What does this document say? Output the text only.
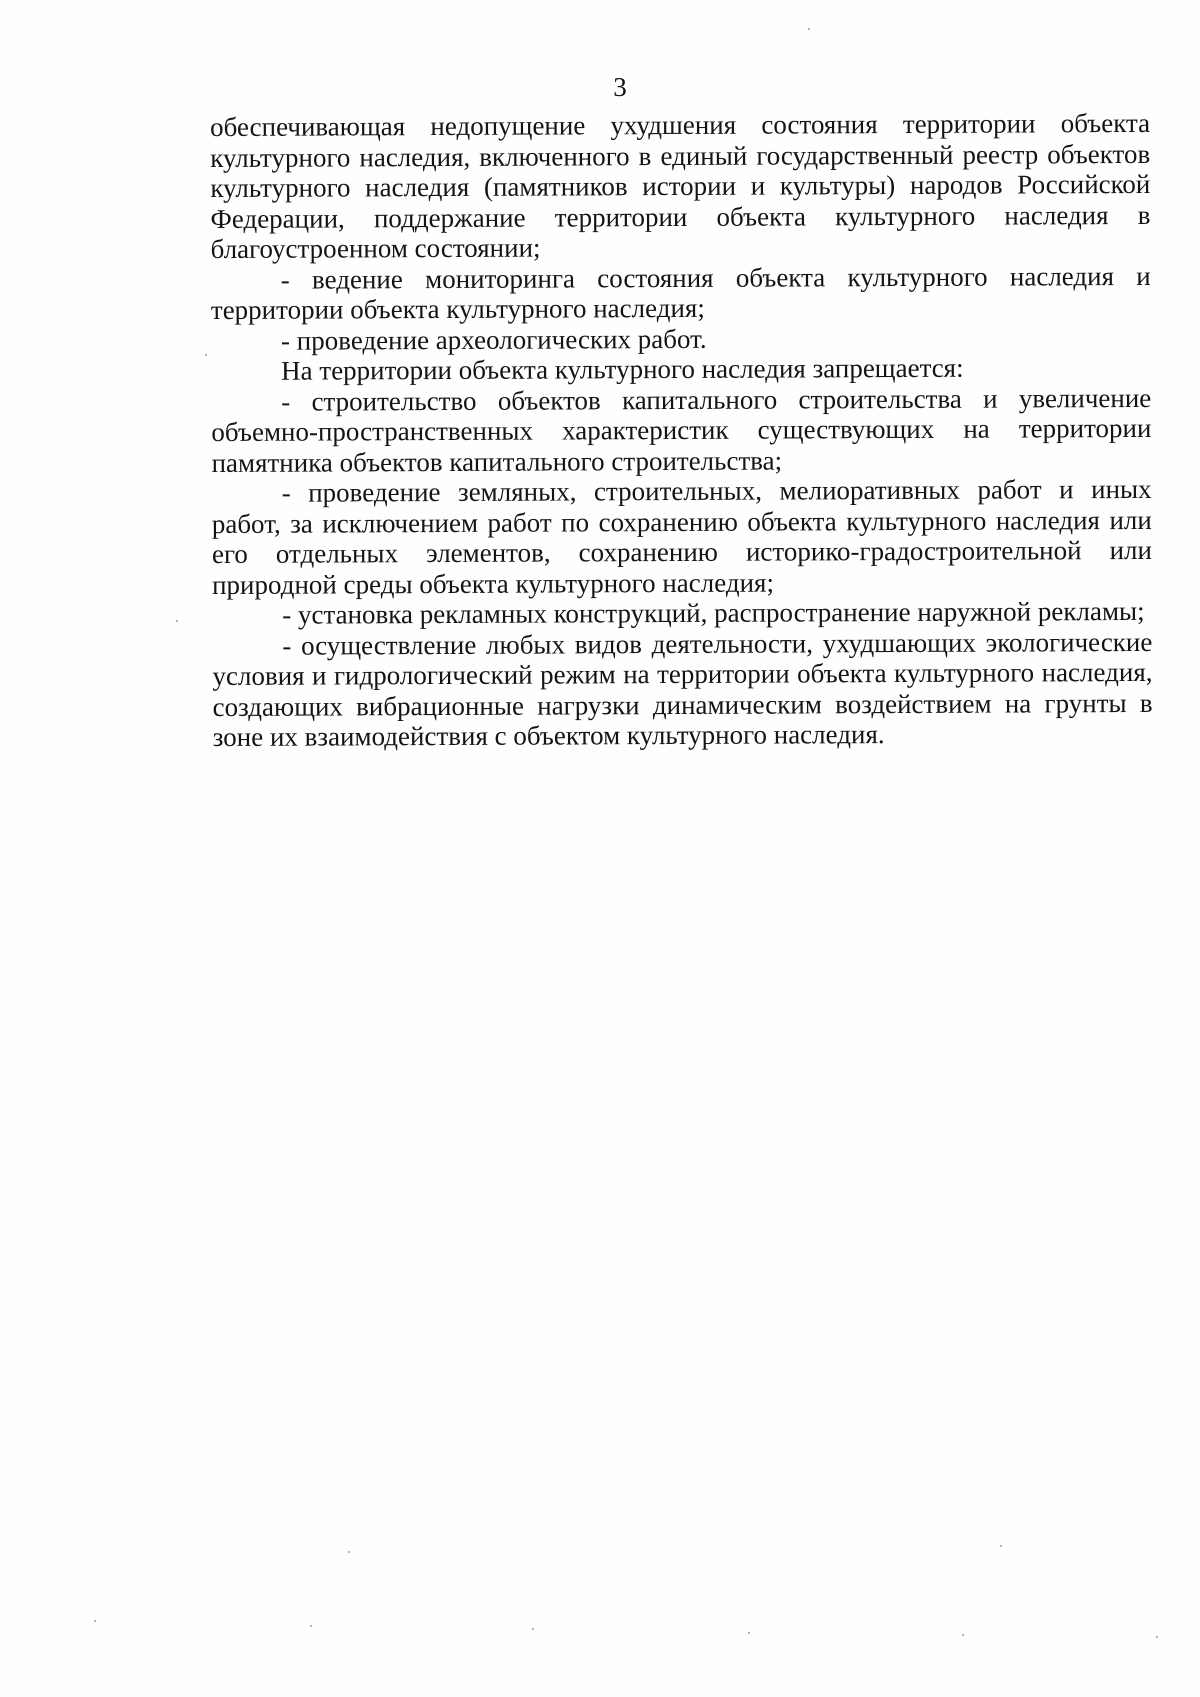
3

обеспечивающая недопущение ухудшения состояния территории объекта культурного наследия, включенного в единый государственный реестр объектов культурного наследия (памятников истории и культуры) народов Российской Федерации, поддержание территории объекта культурного наследия в благоустроенном состоянии;

- ведение мониторинга состояния объекта культурного наследия и территории объекта культурного наследия;

- проведение археологических работ.

На территории объекта культурного наследия запрещается:

- строительство объектов капитального строительства и увеличение объемно-пространственных характеристик существующих на территории памятника объектов капитального строительства;

- проведение земляных, строительных, мелиоративных работ и иных работ, за исключением работ по сохранению объекта культурного наследия или его отдельных элементов, сохранению историко-градостроительной или природной среды объекта культурного наследия;

- установка рекламных конструкций, распространение наружной рекламы;

- осуществление любых видов деятельности, ухудшающих экологические условия и гидрологический режим на территории объекта культурного наследия, создающих вибрационные нагрузки динамическим воздействием на грунты в зоне их взаимодействия с объектом культурного наследия.
